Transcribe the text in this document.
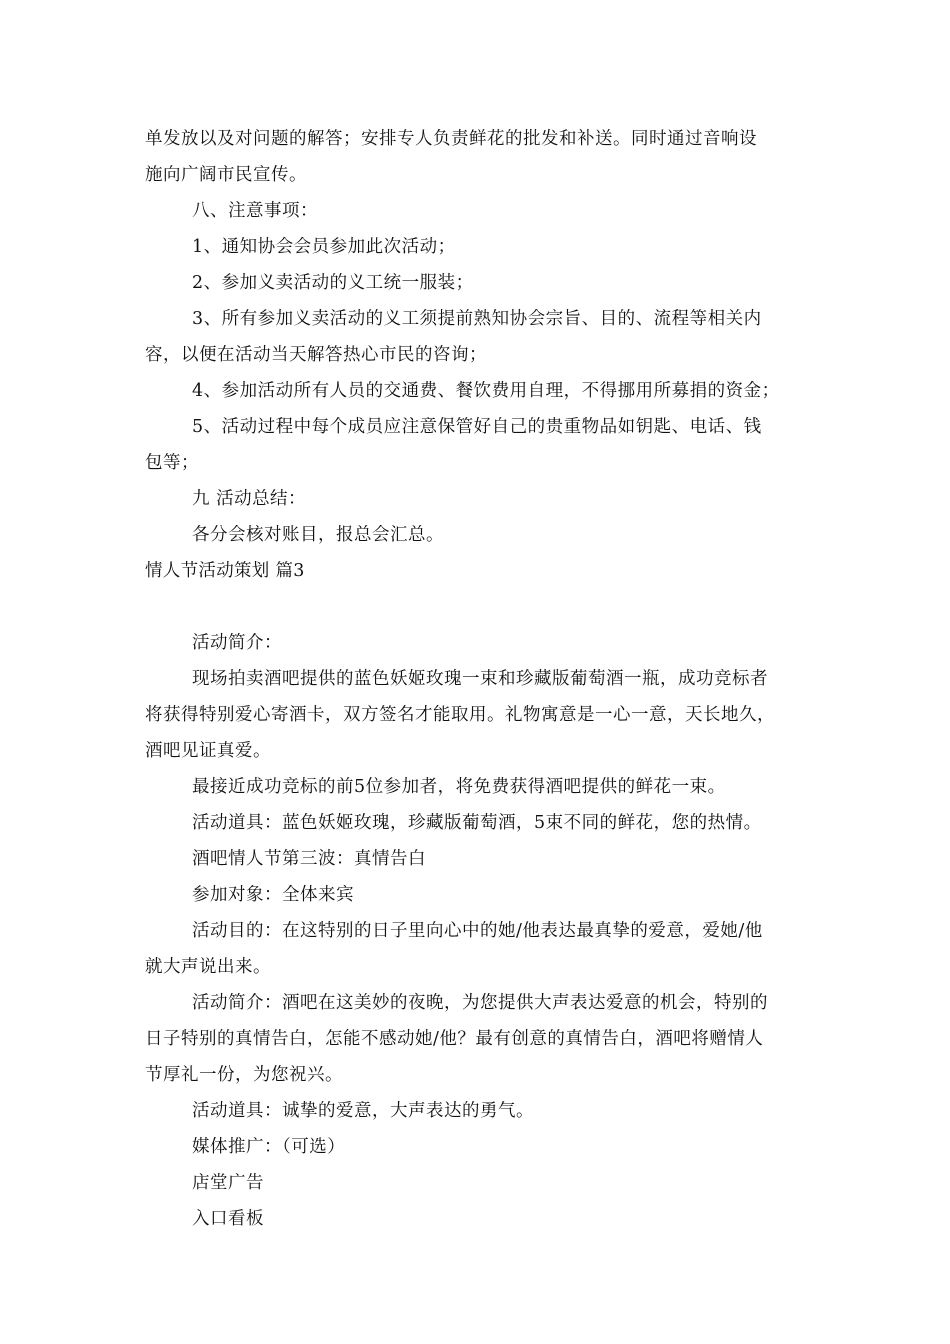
单发放以及对问题的解答；安排专人负责鲜花的批发和补送。同时通过音响设
施向广阔市民宣传。
八、注意事项：
1、通知协会会员参加此次活动；
2、参加义卖活动的义工统一服装；
3、所有参加义卖活动的义工须提前熟知协会宗旨、目的、流程等相关内
容，以便在活动当天解答热心市民的咨询；
4、参加活动所有人员的交通费、餐饮费用自理，不得挪用所募捐的资金；
5、活动过程中每个成员应注意保管好自己的贵重物品如钥匙、电话、钱
包等；
九 活动总结：
各分会核对账目，报总会汇总。
情人节活动策划 篇3
活动简介：
现场拍卖酒吧提供的蓝色妖姬玫瑰一束和珍藏版葡萄酒一瓶，成功竞标者
将获得特别爱心寄酒卡，双方签名才能取用。礼物寓意是一心一意，天长地久，
酒吧见证真爱。
最接近成功竞标的前5位参加者，将免费获得酒吧提供的鲜花一束。
活动道具：蓝色妖姬玫瑰，珍藏版葡萄酒，5束不同的鲜花，您的热情。
酒吧情人节第三波：真情告白
参加对象：全体来宾
活动目的：在这特别的日子里向心中的她/他表达最真挚的爱意，爱她/他
就大声说出来。
活动简介：酒吧在这美妙的夜晚，为您提供大声表达爱意的机会，特别的
日子特别的真情告白，怎能不感动她/他？最有创意的真情告白，酒吧将赠情人
节厚礼一份，为您祝兴。
活动道具：诚挚的爱意，大声表达的勇气。
媒体推广：（可选）
店堂广告
入口看板
